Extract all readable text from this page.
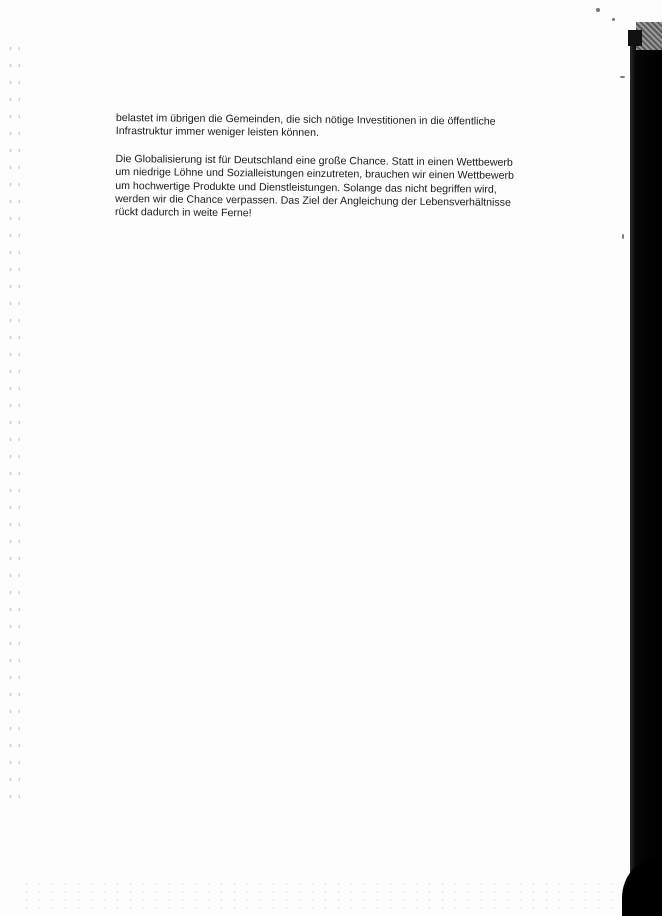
belastet im übrigen die Gemeinden, die sich nötige Investitionen in die öffentliche
Infrastruktur immer weniger leisten können.

Die Globalisierung ist für Deutschland eine große Chance. Statt in einen Wettbewerb
um niedrige Löhne und Sozialleistungen einzutreten, brauchen wir einen Wettbewerb
um hochwertige Produkte und Dienstleistungen. Solange das nicht begriffen wird,
werden wir die Chance verpassen. Das Ziel der Angleichung der Lebensverhältnisse
rückt dadurch in weite Ferne!
